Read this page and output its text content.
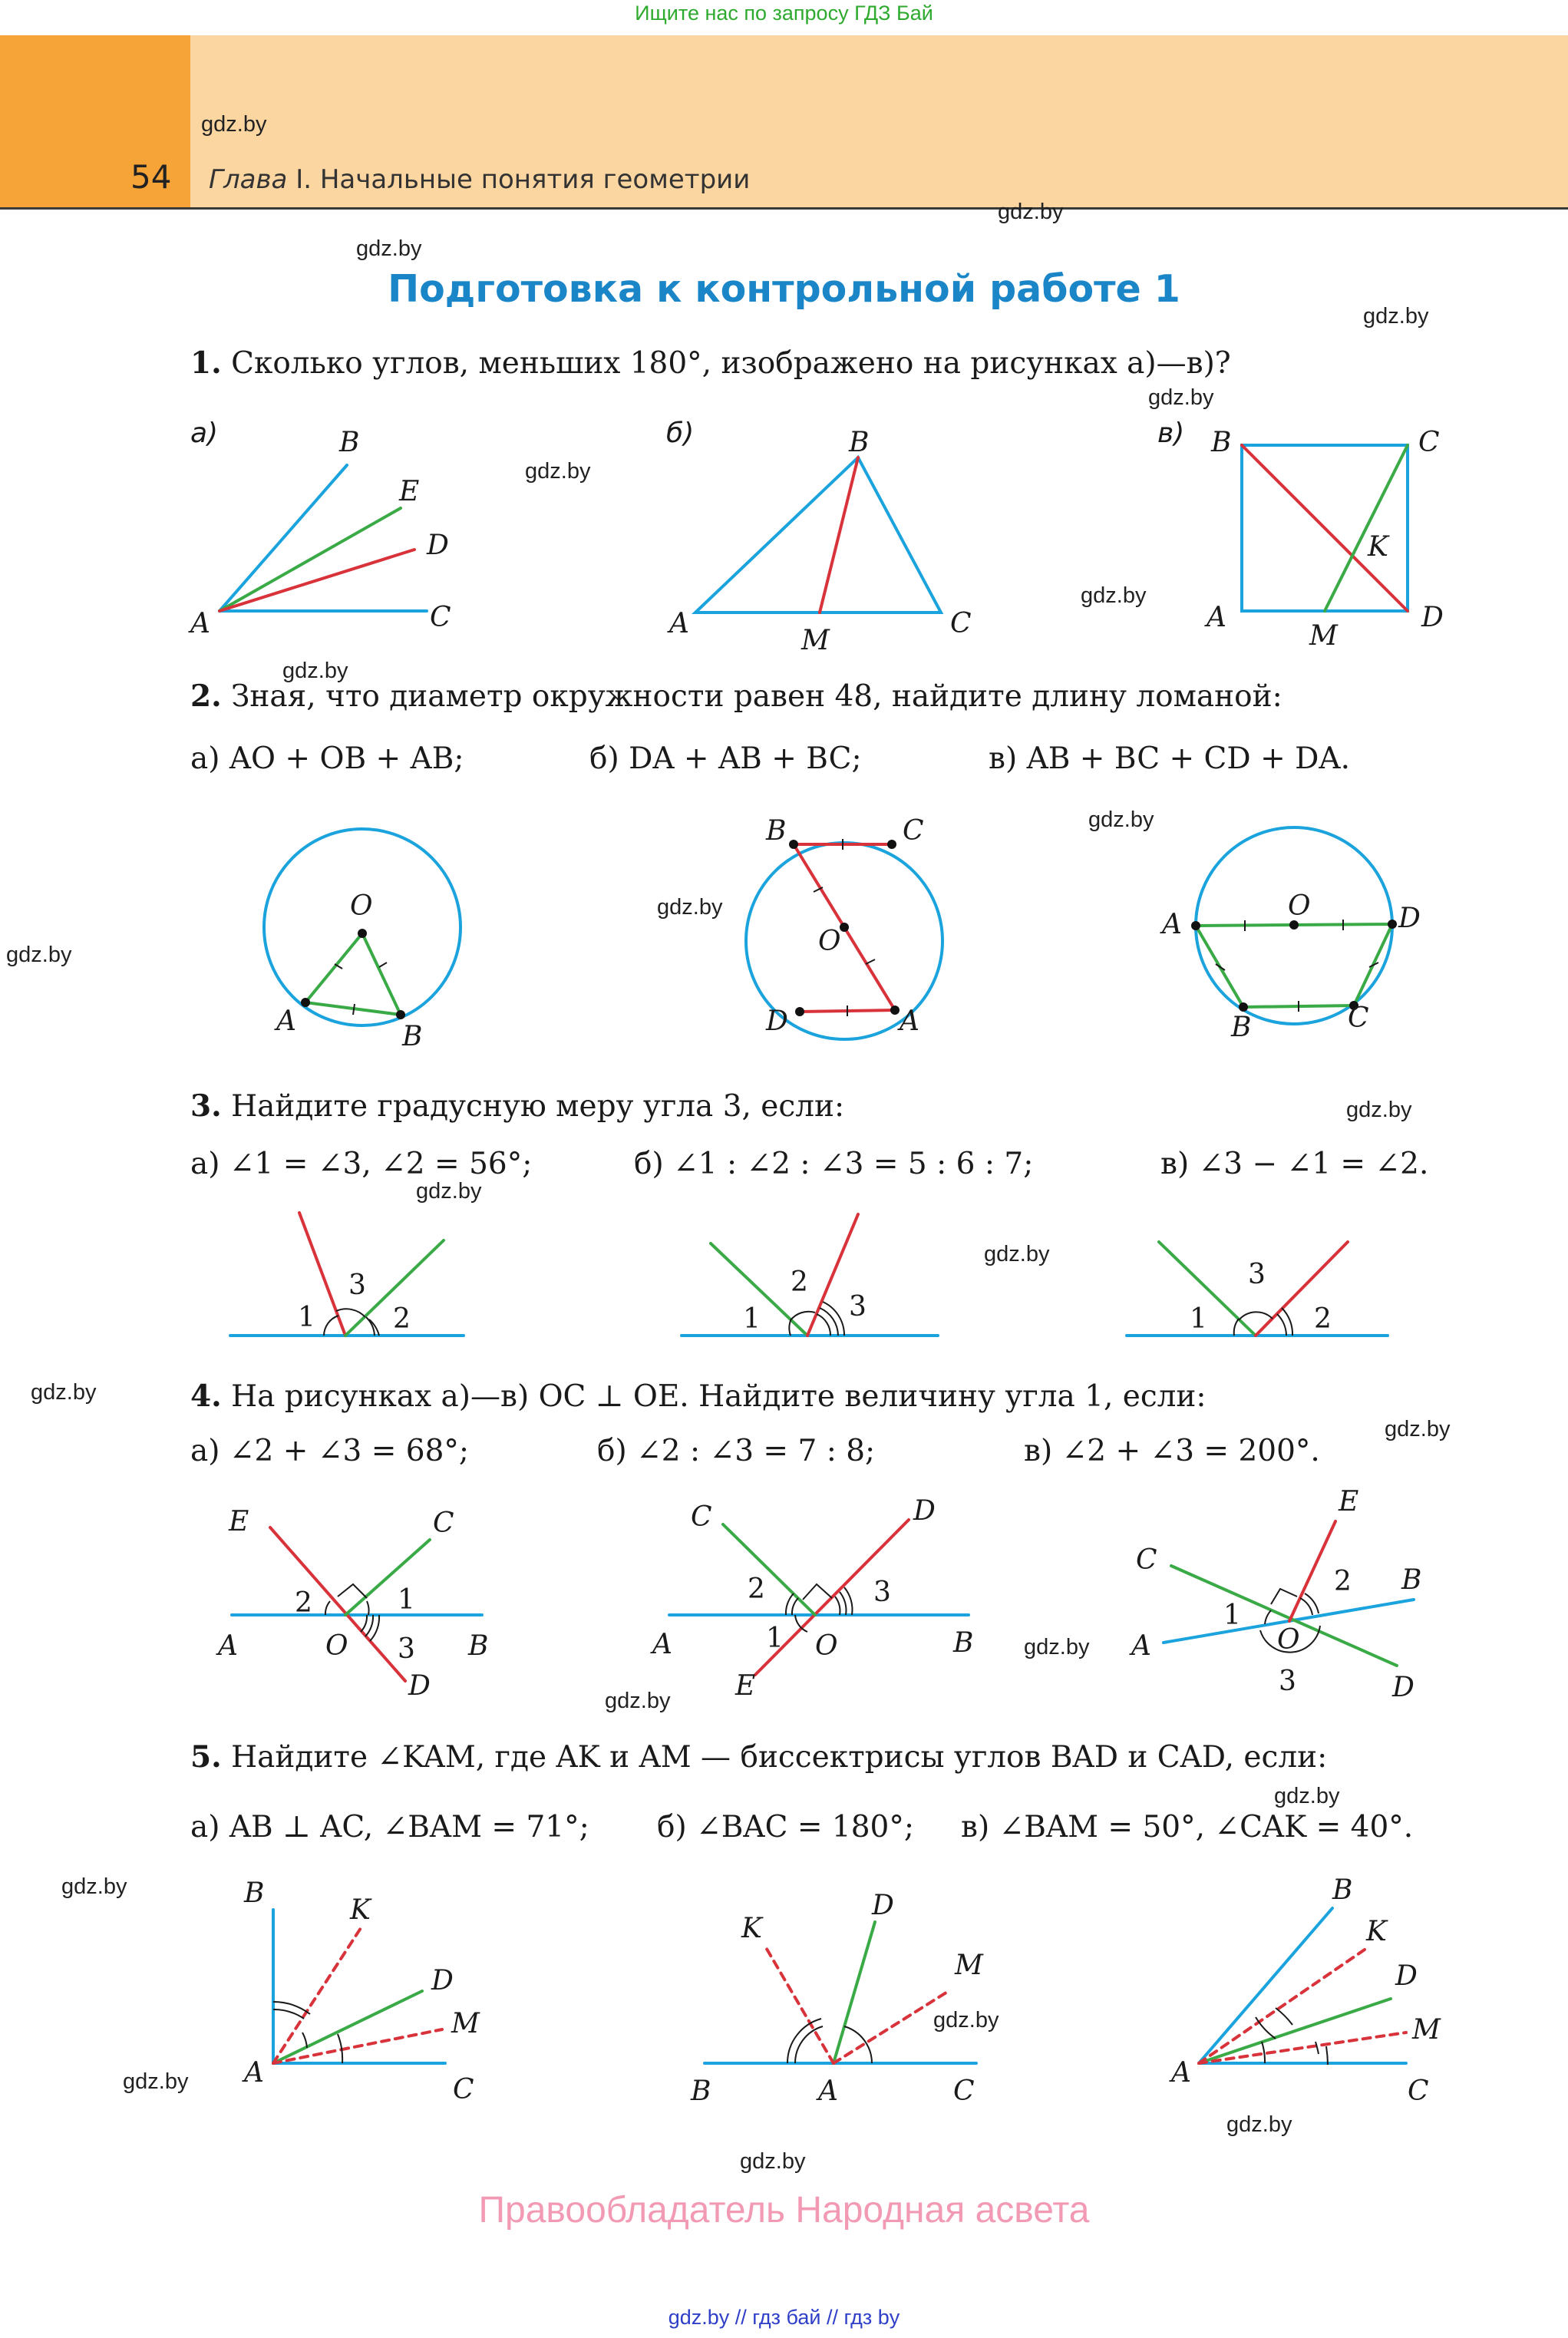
Ищите нас по запросу ГДЗ Бай
54 Глава I. Начальные понятия геометрии
gdz.by
gdz.by
gdz.by
gdz.by
gdz.by
gdz.by
gdz.by
gdz.by
gdz.by
gdz.by
gdz.by
gdz.by
gdz.by
gdz.by
gdz.by
gdz.by
gdz.by
gdz.by
gdz.by
gdz.by
gdz.by
gdz.by
gdz.by
gdz.by
Подготовка к контрольной работе 1
1. Сколько углов, меньших 180°, изображено на рисунках а)—в)?
а)	б)	в)
2. Зная, что диаметр окружности равен 48, найдите длину ломаной:
а) AO + OB + AB;	б) DA + AB + BC;	в) AB + BC + CD + DA.
3. Найдите градусную меру угла 3, если:
а) ∠1 = ∠3, ∠2 = 56°;	б) ∠1 : ∠2 : ∠3 = 5 : 6 : 7;	в) ∠3 − ∠1 = ∠2.
4. На рисунках а)—в) OC ⊥ OE. Найдите величину угла 1, если:
а) ∠2 + ∠3 = 68°;	б) ∠2 : ∠3 = 7 : 8;	в) ∠2 + ∠3 = 200°.
5. Найдите ∠KAM, где AK и AM — биссектрисы углов BAD и CAD, если:
а) AB ⊥ AC, ∠BAM = 71°; б) ∠BAC = 180°; в) ∠BAM = 50°, ∠CAK = 40°.
B
E
D
C
A
B
A
M
C
B	C
K
A
M
D
O
A	B
B	C
O
D	A
A
O	D
B	C
1
3
2	1
2
3	1
3
2
E	C
2	1
A	O 3 B
D
C	D
2	3
A	1 O	B
E
E
C
2 B
1
O
A
3	D
B
K
D
M
A
C
D
K
M
B	A	C
B
K
D
M
A
C
Правообладатель Народная асвета
gdz.by // гдз бай // гдз by
